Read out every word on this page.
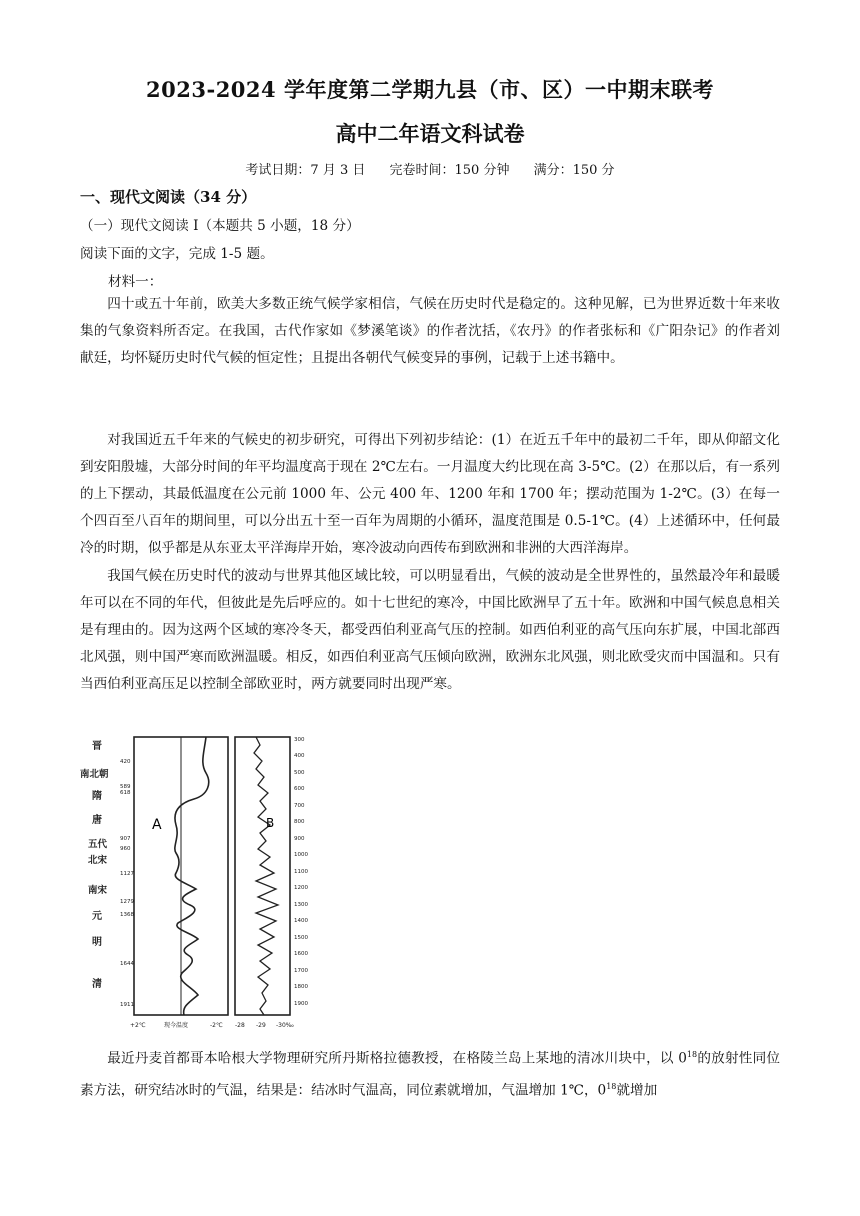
2023-2024 学年度第二学期九县（市、区）一中期末联考
高中二年语文科试卷
考试日期：7 月 3 日 完卷时间：150 分钟 满分：150 分
一、现代文阅读（34 分）
（一）现代文阅读 I（本题共 5 小题，18 分）
阅读下面的文字，完成 1-5 题。
材料一：

四十或五十年前，欧美大多数正统气候学家相信，气候在历史时代是稳定的。这种见解，已为世界近数十年来收集的气象资料所否定。在我国，古代作家如《梦溪笔谈》的作者沈括，《农丹》的作者张标和《广阳杂记》的作者刘献廷，均怀疑历史时代气候的恒定性；且提出各朝代气候变异的事例，记载于上述书籍中。

对我国近五千年来的气候史的初步研究，可得出下列初步结论：(1）在近五千年中的最初二千年，即从仰韶文化到安阳殷墟，大部分时间的年平均温度高于现在 2℃左右。一月温度大约比现在高 3-5℃。(2）在那以后，有一系列的上下摆动，其最低温度在公元前 1000 年、公元 400 年、1200 年和 1700 年；摆动范围为 1-2℃。(3）在每一个四百至八百年的期间里，可以分出五十至一百年为周期的小循环，温度范围是 0.5-1℃。(4）上述循环中，任何最冷的时期，似乎都是从东亚太平洋海岸开始，寒冷波动向西传布到欧洲和非洲的大西洋海岸。

我国气候在历史时代的波动与世界其他区域比较，可以明显看出，气候的波动是全世界性的，虽然最冷年和最暖年可以在不同的年代，但彼此是先后呼应的。如十七世纪的寒冷，中国比欧洲早了五十年。欧洲和中国气候息息相关是有理由的。因为这两个区域的寒冷冬天，都受西伯利亚高气压的控制。如西伯利亚的高气压向东扩展，中国北部西北风强，则中国严寒而欧洲温暖。相反，如西伯利亚高气压倾向欧洲，欧洲东北风强，则北欧受灾而中国温和。只有当西伯利亚高压足以控制全部欧亚时，两方就要同时出现严寒。

晋
南北朝
隋
唐
五代
北宋
南宋
元
明
清
420
589
618
907
960
1127
1279
1368
1644
1911
A	B
300
400
500
600
700
800
900
1000
1100
1200
1300
1400
1500
1600
1700
1800
1900
+2℃	现今温度	-2℃ -28 -29 -30‰

最近丹麦首都哥本哈根大学物理研究所丹斯格拉德教授，在格陵兰岛上某地的清冰川块中，以 $0^{18}$的放射性同位素方法，研究结冰时的气温，结果是：结冰时气温高，同位素就增加，气温增加 1℃，$0^{18}$就增加
